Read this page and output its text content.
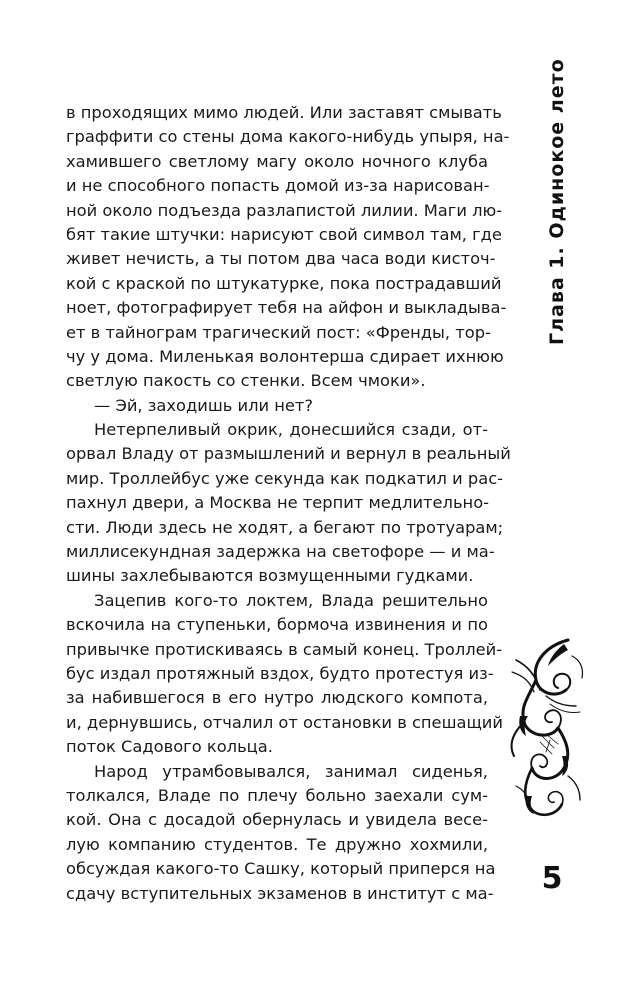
в проходящих мимо людей. Или заставят смывать
граффити со стены дома какого-нибудь упыря, на-
хамившего светлому магу около ночного клуба
и не способного попасть домой из-за нарисован-
ной около подъезда разлапистой лилии. Маги лю-
бят такие штучки: нарисуют свой символ там, где
живет нечисть, а ты потом два часа води кисточ-
кой с краской по штукатурке, пока пострадавший
ноет, фотографирует тебя на айфон и выкладыва-
ет в тайнограм трагический пост: «Френды, тор-
чу у дома. Миленькая волонтерша сдирает ихнюю
светлую пакость со стенки. Всем чмоки».
— Эй, заходишь или нет?
Нетерпеливый окрик, донесшийся сзади, от-
орвал Владу от размышлений и вернул в реальный
мир. Троллейбус уже секунда как подкатил и рас-
пахнул двери, а Москва не терпит медлительно-
сти. Люди здесь не ходят, а бегают по тротуарам;
миллисекундная задержка на светофоре — и ма-
шины захлебываются возмущенными гудками.
Зацепив кого-то локтем, Влада решительно
вскочила на ступеньки, бормоча извинения и по
привычке протискиваясь в самый конец. Троллей-
бус издал протяжный вздох, будто протестуя из-
за набившегося в его нутро людского компота,
и, дернувшись, отчалил от остановки в спешащий
поток Садового кольца.
Народ утрамбовывался, занимал сиденья,
толкался, Владе по плечу больно заехали сум-
кой. Она с досадой обернулась и увидела весе-
лую компанию студентов. Те дружно хохмили,
обсуждая какого-то Сашку, который приперся на
сдачу вступительных экзаменов в институт с ма-
Глава 1. Одинокое лето
5
